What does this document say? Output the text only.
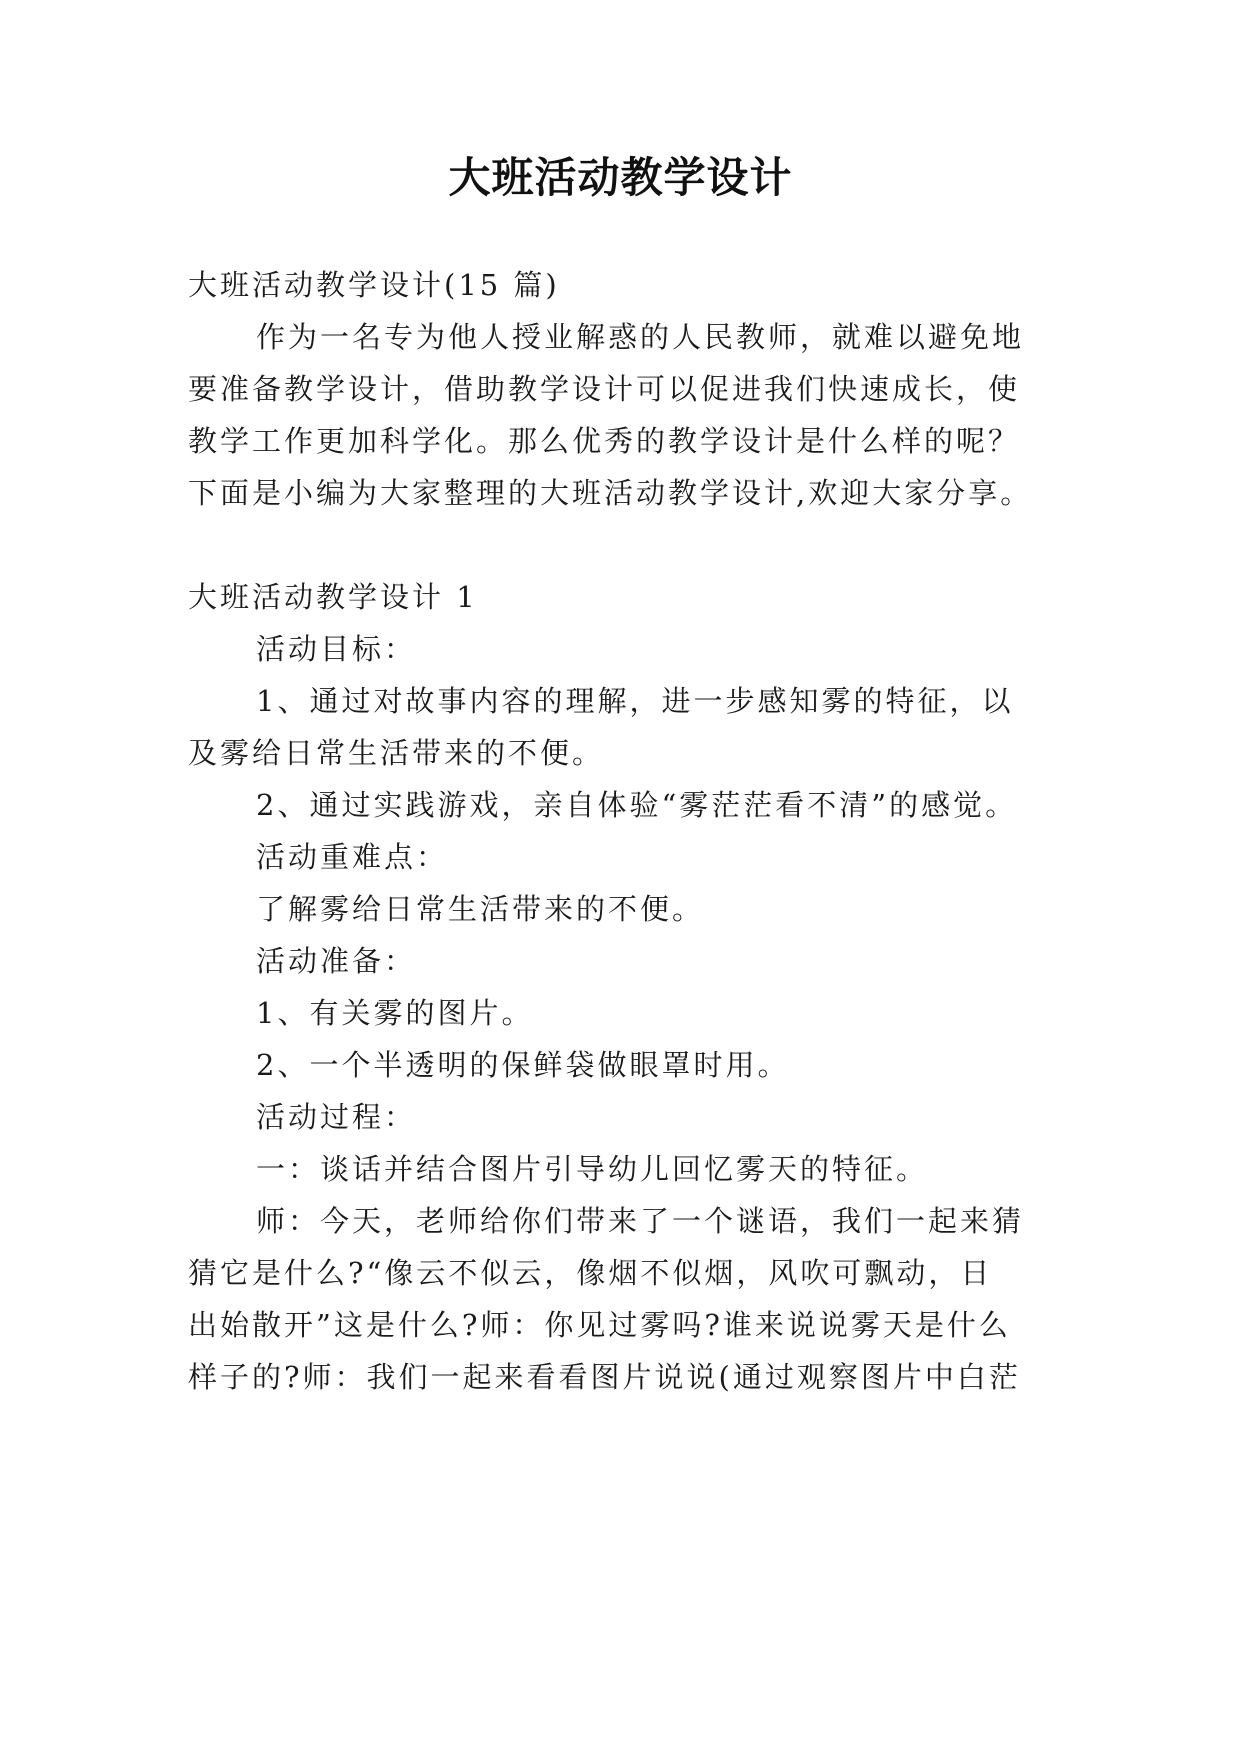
大班活动教学设计
大班活动教学设计(15 篇)
作为一名专为他人授业解惑的人民教师，就难以避免地
要准备教学设计，借助教学设计可以促进我们快速成长，使
教学工作更加科学化。那么优秀的教学设计是什么样的呢？
下面是小编为大家整理的大班活动教学设计,欢迎大家分享。
大班活动教学设计 1
活动目标：
1、通过对故事内容的理解，进一步感知雾的特征，以
及雾给日常生活带来的不便。
2、通过实践游戏，亲自体验“雾茫茫看不清”的感觉。
活动重难点：
了解雾给日常生活带来的不便。
活动准备：
1、有关雾的图片。
2、一个半透明的保鲜袋做眼罩时用。
活动过程：
一：谈话并结合图片引导幼儿回忆雾天的特征。
师：今天，老师给你们带来了一个谜语，我们一起来猜
猜它是什么?“像云不似云，像烟不似烟，风吹可飘动，日
出始散开”这是什么?师：你见过雾吗?谁来说说雾天是什么
样子的?师：我们一起来看看图片说说(通过观察图片中白茫
